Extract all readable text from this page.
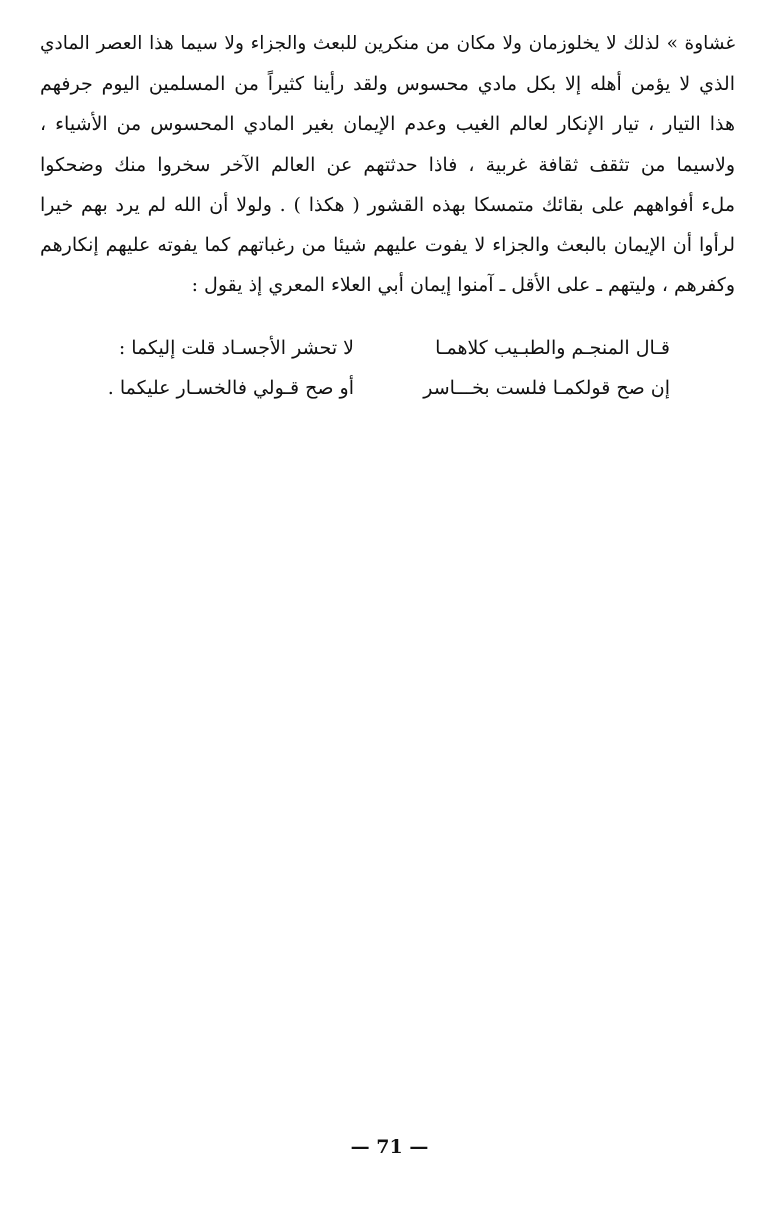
غشاوة » لذلك لا يخلوزمان ولا مكان من منكرين للبعث والجزاء ولا سيما هذا العصر المادي
الذي لا يؤمن أهله إلا بكل مادي محسوس ولقد رأينا كثيراً من المسلمين اليوم جرفهم
هذا التيار ، تيار الإنكار لعالم الغيب وعدم الإيمان بغير المادي المحسوس من الأشياء ،
ولاسيما من تثقف ثقافة غربية ، فاذا حدثتهم عن العالم الآخر سخروا منك وضحكوا
ملء أفواههم على بقائك متمسكا بهذه القشور ( هكذا ) . ولولا أن الله لم يرد بهم خيرا
لرأوا أن الإيمان بالبعث والجزاء لا يفوت عليهم شيئا من رغباتهم كما يفوته عليهم إنكارهم
وكفرهم ، وليتهم ـ على الأقل ـ آمنوا إيمان أبي العلاء المعري إذ يقول :
قـال المنجـم والطبـيب كلاهمـا
لا تحشر الأجسـاد قلت إليكما :
إن صح قولكمـا فلست بخـــاسر
أو صح قـولي فالخسـار عليكما .
— 71 —
